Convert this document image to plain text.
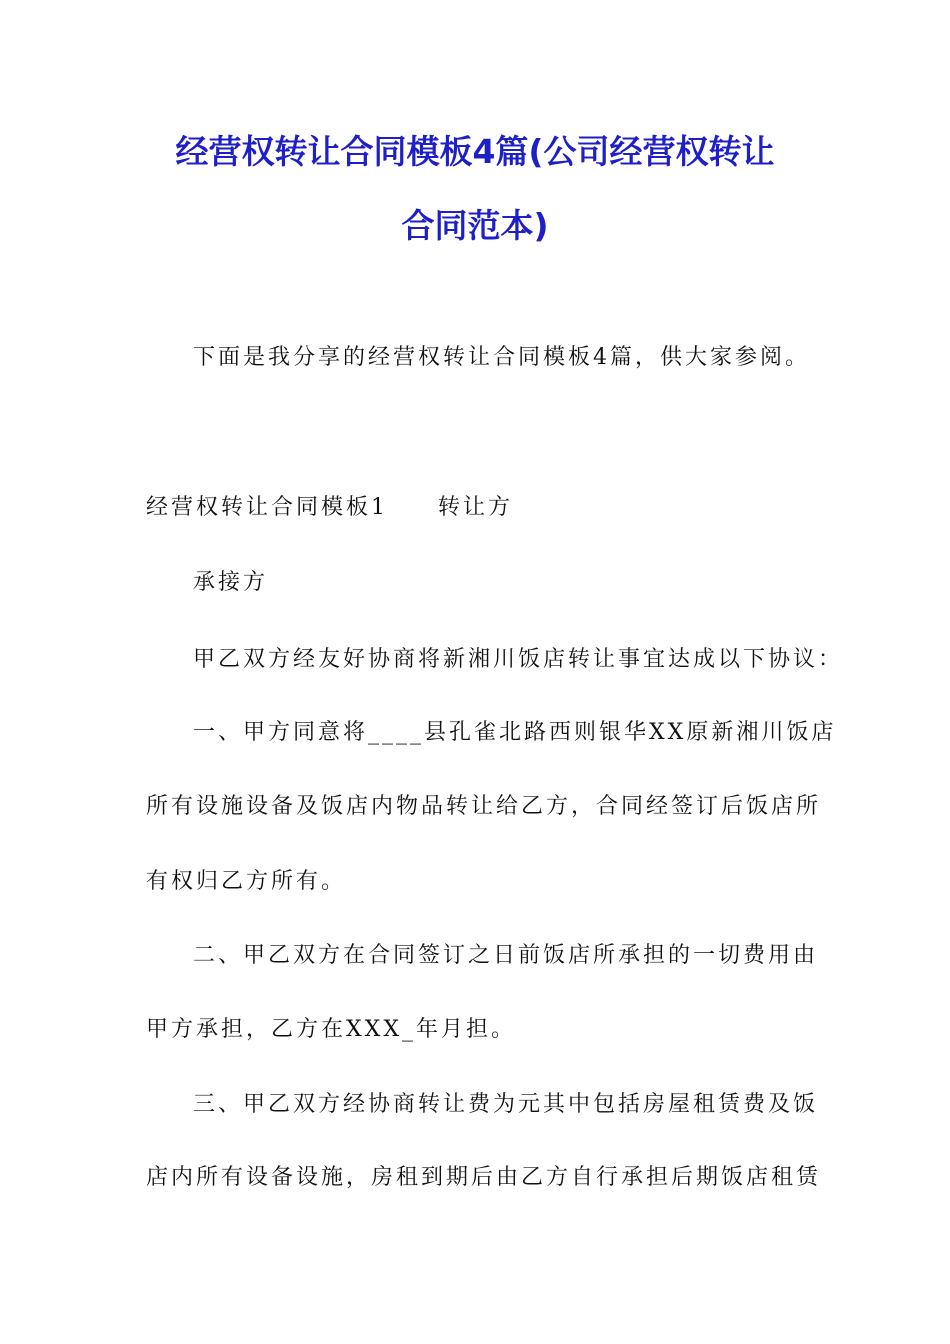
经营权转让合同模板4篇(公司经营权转让
合同范本)
下面是我分享的经营权转让合同模板4篇，供大家参阅。
经营权转让合同模板1 转让方
承接方
甲乙双方经友好协商将新湘川饭店转让事宜达成以下协议：
一、甲方同意将____县孔雀北路西则银华XX原新湘川饭店
所有设施设备及饭店内物品转让给乙方，合同经签订后饭店所
有权归乙方所有。
二、甲乙双方在合同签订之日前饭店所承担的一切费用由
甲方承担，乙方在XXX_年月担。
三、甲乙双方经协商转让费为元其中包括房屋租赁费及饭
店内所有设备设施，房租到期后由乙方自行承担后期饭店租赁
